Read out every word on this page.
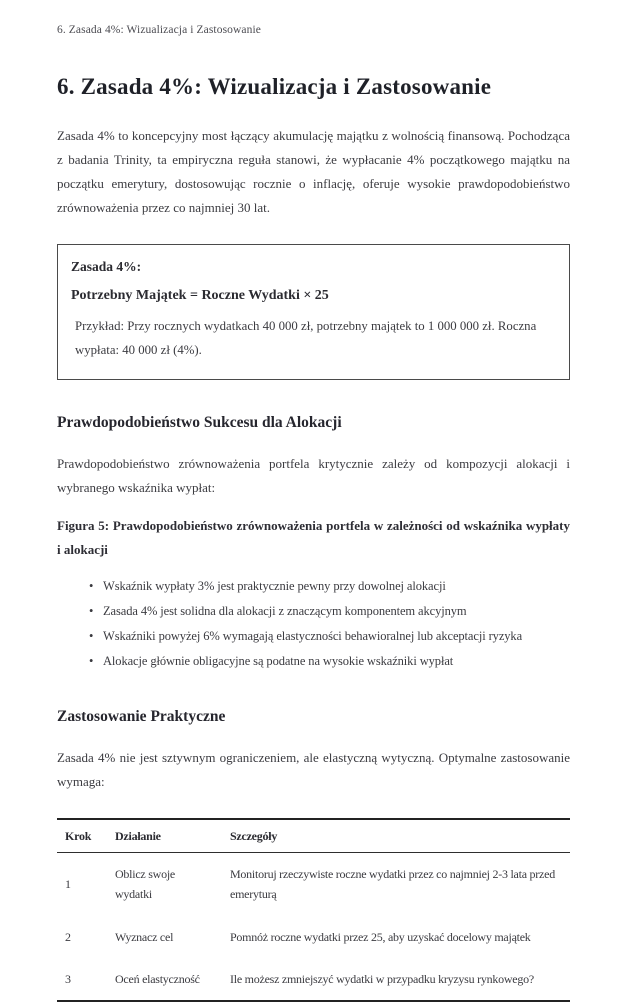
6. Zasada 4%: Wizualizacja i Zastosowanie
6. Zasada 4%: Wizualizacja i Zastosowanie

Zasada 4% to koncepcyjny most łączący akumulację majątku z wolnością finansową. Pochodząca z badania Trinity, ta empiryczna reguła stanowi, że wypłacanie 4% początkowego majątku na początku emerytury, dostosowując rocznie o inflację, oferuje wysokie prawdopodobieństwo zrównoważenia przez co najmniej 30 lat.

Zasada 4%:

Potrzebny Majątek = Roczne Wydatki × 25

Przykład: Przy rocznych wydatkach 40 000 zł, potrzebny majątek to 1 000 000 zł. Roczna wypłata: 40 000 zł (4%).

Prawdopodobieństwo Sukcesu dla Alokacji

Prawdopodobieństwo zrównoważenia portfela krytycznie zależy od kompozycji alokacji i wybranego wskaźnika wypłat:

Figura 5: Prawdopodobieństwo zrównoważenia portfela w zależności od wskaźnika wypłaty i alokacji

• Wskaźnik wypłaty 3% jest praktycznie pewny przy dowolnej alokacji
• Zasada 4% jest solidna dla alokacji z znaczącym komponentem akcyjnym
• Wskaźniki powyżej 6% wymagają elastyczności behawioralnej lub akceptacji ryzyka
• Alokacje głównie obligacyjne są podatne na wysokie wskaźniki wypłat
Zastosowanie Praktyczne

Zasada 4% nie jest sztywnym ograniczeniem, ale elastyczną wytyczną. Optymalne zastosowanie wymaga:

Krok	Działanie	Szczegóły
1	Oblicz swoje wydatki	Monitoruj rzeczywiste roczne wydatki przez co najmniej 2-3 lata przed emeryturą
2	Wyznacz cel	Pomnóż roczne wydatki przez 25, aby uzyskać docelowy majątek
3	Oceń elastyczność	Ile możesz zmniejszyć wydatki w przypadku kryzysu rynkowego?
